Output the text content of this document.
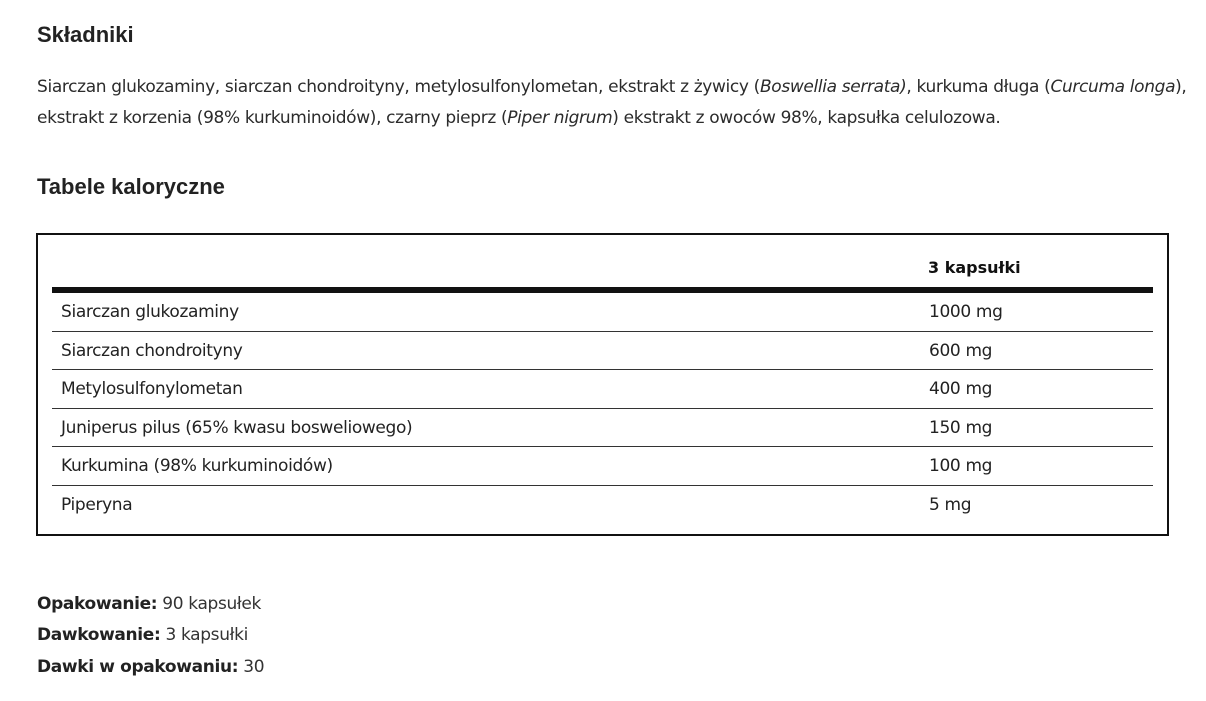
Składniki

Siarczan glukozaminy, siarczan chondroityny, metylosulfonylometan, ekstrakt z żywicy (Boswellia serrata), kurkuma długa (Curcuma longa), ekstrakt z korzenia (98% kurkuminoidów), czarny pieprz (Piper nigrum) ekstrakt z owoców 98%, kapsułka celulozowa.

Tabele kaloryczne
3 kapsułki
Siarczan glukozaminy	1000 mg
Siarczan chondroityny	600 mg
Metylosulfonylometan	400 mg
Juniperus pilus (65% kwasu bosweliowego)	150 mg
Kurkumina (98% kurkuminoidów)	100 mg
Piperyna	5 mg
Opakowanie: 90 kapsułek
Dawkowanie: 3 kapsułki
Dawki w opakowaniu: 30
